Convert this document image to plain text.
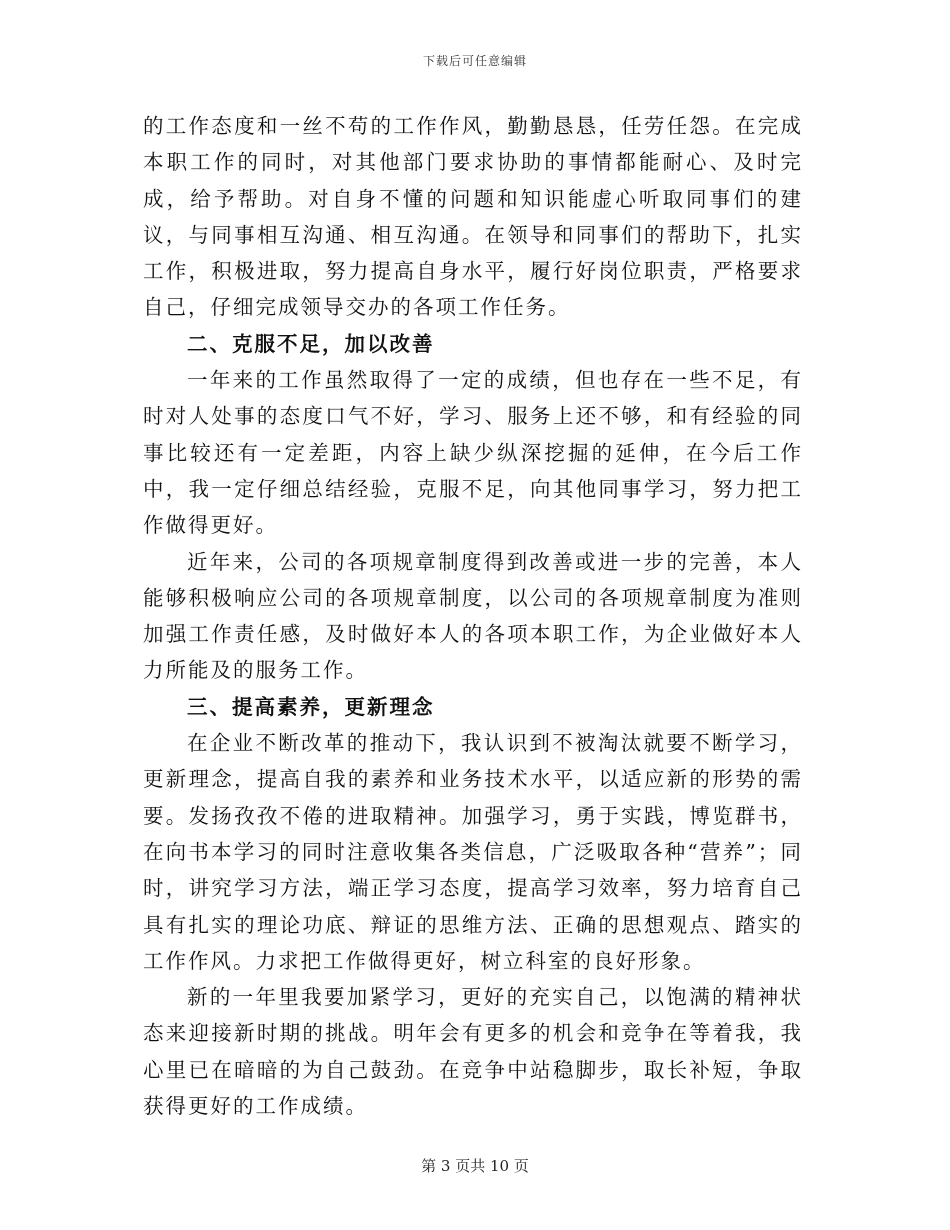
下载后可任意编辑

的工作态度和一丝不苟的工作作风，勤勤恳恳，任劳任怨。在完成本职工作的同时，对其他部门要求协助的事情都能耐心、及时完成，给予帮助。对自身不懂的问题和知识能虚心听取同事们的建议，与同事相互沟通、相互沟通。在领导和同事们的帮助下，扎实工作，积极进取，努力提高自身水平，履行好岗位职责，严格要求自己，仔细完成领导交办的各项工作任务。

二、克服不足，加以改善

一年来的工作虽然取得了一定的成绩，但也存在一些不足，有时对人处事的态度口气不好，学习、服务上还不够，和有经验的同事比较还有一定差距，内容上缺少纵深挖掘的延伸，在今后工作中，我一定仔细总结经验，克服不足，向其他同事学习，努力把工作做得更好。

近年来，公司的各项规章制度得到改善或进一步的完善，本人能够积极响应公司的各项规章制度，以公司的各项规章制度为准则加强工作责任感，及时做好本人的各项本职工作，为企业做好本人力所能及的服务工作。

三、提高素养，更新理念

在企业不断改革的推动下，我认识到不被淘汰就要不断学习，更新理念，提高自我的素养和业务技术水平，以适应新的形势的需要。发扬孜孜不倦的进取精神。加强学习，勇于实践，博览群书，在向书本学习的同时注意收集各类信息，广泛吸取各种“营养”；同时，讲究学习方法，端正学习态度，提高学习效率，努力培育自己具有扎实的理论功底、辩证的思维方法、正确的思想观点、踏实的工作作风。力求把工作做得更好，树立科室的良好形象。

新的一年里我要加紧学习，更好的充实自己，以饱满的精神状态来迎接新时期的挑战。明年会有更多的机会和竞争在等着我，我心里已在暗暗的为自己鼓劲。在竞争中站稳脚步，取长补短，争取获得更好的工作成绩。

第 3 页共 10 页
